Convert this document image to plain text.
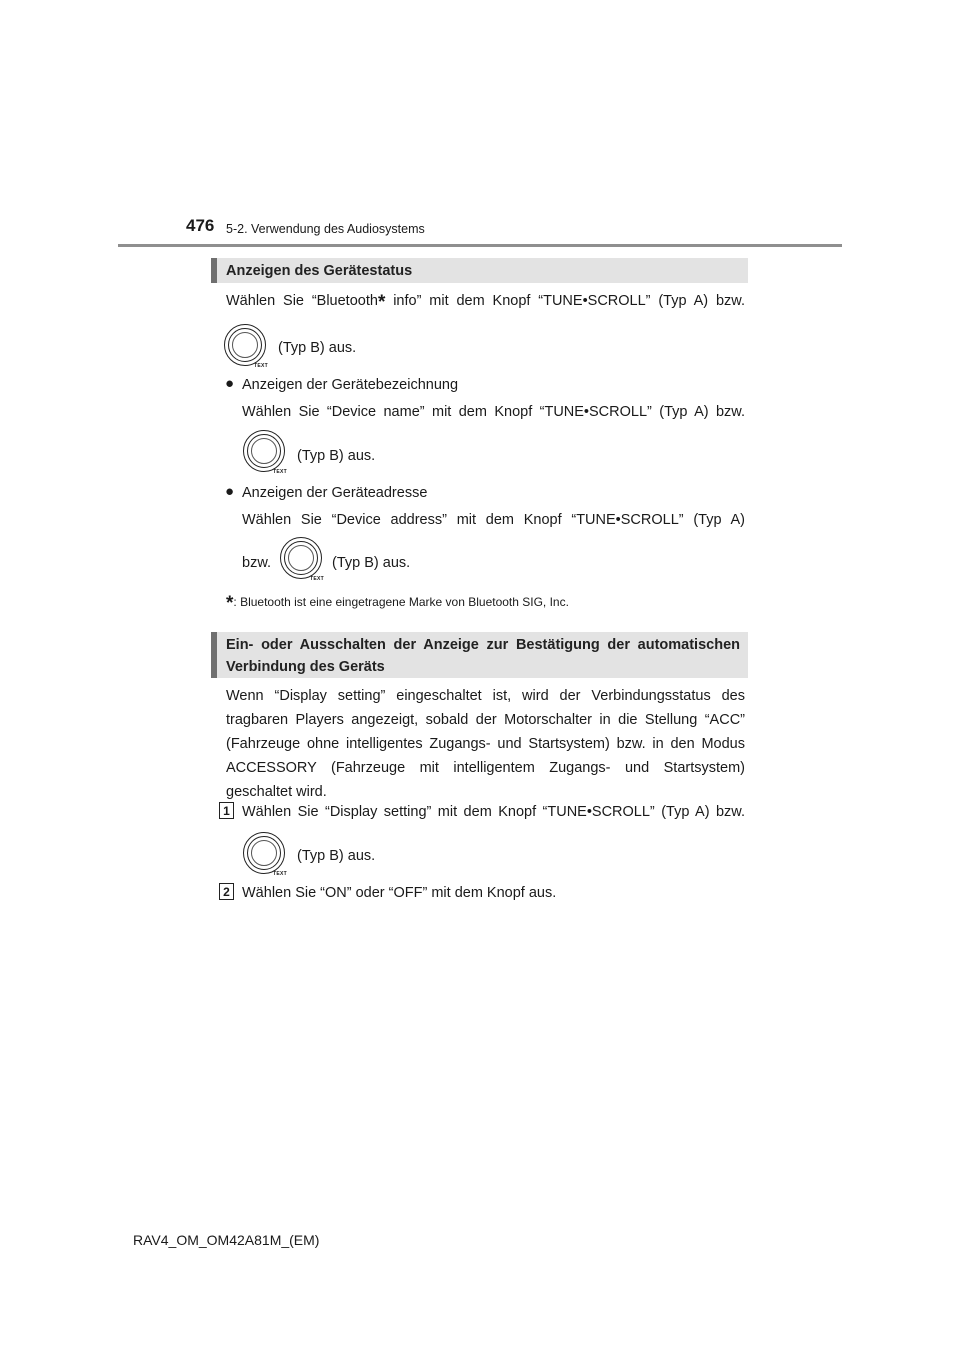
476 5-2. Verwendung des Audiosystems
Anzeigen des Gerätestatus
Wählen Sie “Bluetooth* info” mit dem Knopf “TUNE•SCROLL” (Typ A) bzw.
TEXT
(Typ B) aus.
● Anzeigen der Gerätebezeichnung
Wählen Sie “Device name” mit dem Knopf “TUNE•SCROLL” (Typ A) bzw.
TEXT
(Typ B) aus.
● Anzeigen der Geräteadresse
Wählen Sie “Device address” mit dem Knopf “TUNE•SCROLL” (Typ A)
bzw.
TEXT
(Typ B) aus.
*: Bluetooth ist eine eingetragene Marke von Bluetooth SIG, Inc.
Ein- oder Ausschalten der Anzeige zur Bestätigung der automatischen Verbindung des Geräts
Wenn “Display setting” eingeschaltet ist, wird der Verbindungsstatus des
tragbaren Players angezeigt, sobald der Motorschalter in die Stellung “ACC”
(Fahrzeuge ohne intelligentes Zugangs- und Startsystem) bzw. in den Modus
ACCESSORY (Fahrzeuge mit intelligentem Zugangs- und Startsystem)
geschaltet wird.
1 Wählen Sie “Display setting” mit dem Knopf “TUNE•SCROLL” (Typ A) bzw.
TEXT
(Typ B) aus.
2 Wählen Sie “ON” oder “OFF” mit dem Knopf aus.
RAV4_OM_OM42A81M_(EM)
